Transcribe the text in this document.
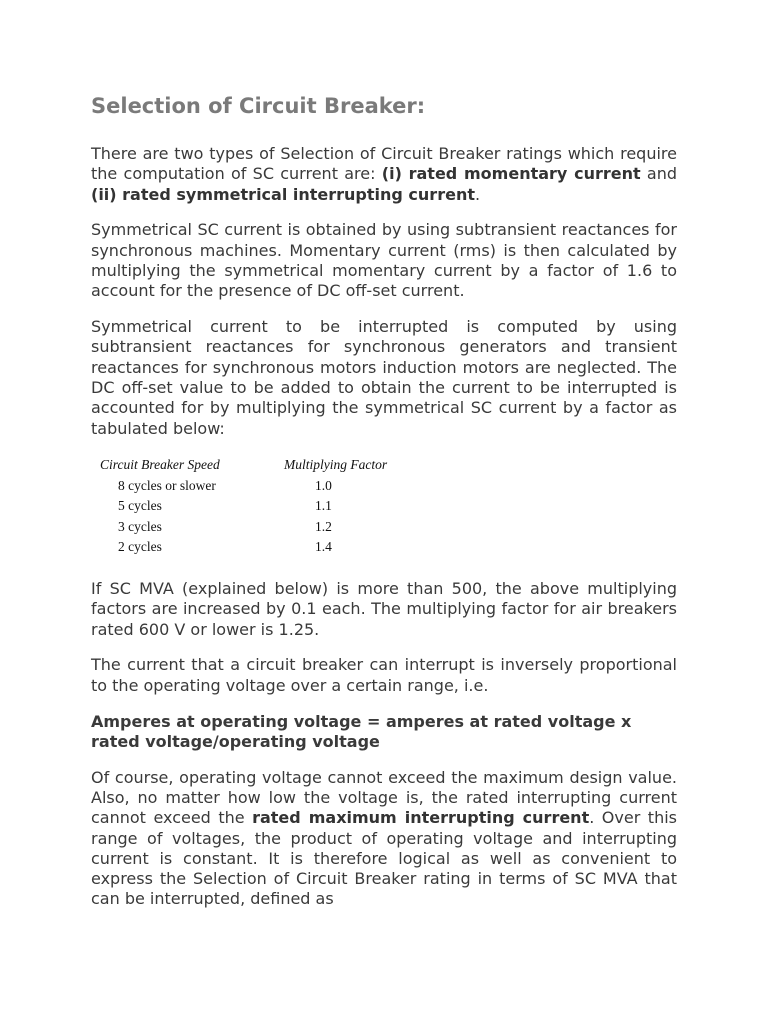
Selection of Circuit Breaker:

There are two types of Selection of Circuit Breaker ratings which require the computation of SC current are: (i) rated momentary current and (ii) rated symmetrical interrupting current.

Symmetrical SC current is obtained by using subtransient reactances for synchronous machines. Momentary current (rms) is then calculated by multiplying the symmetrical momentary current by a factor of 1.6 to account for the presence of DC off-set current.

Symmetrical current to be interrupted is computed by using subtransient reactances for synchronous generators and transient reactances for synchronous motors induction motors are neglected. The DC off-set value to be added to obtain the current to be interrupted is accounted for by multiplying the symmetrical SC current by a factor as tabulated below:

Circuit Breaker Speed	Multiplying Factor
8 cycles or slower	1.0
5 cycles	1.1
3 cycles	1.2
2 cycles	1.4

If SC MVA (explained below) is more than 500, the above multiplying factors are increased by 0.1 each. The multiplying factor for air breakers rated 600 V or lower is 1.25.

The current that a circuit breaker can interrupt is inversely proportional to the operating voltage over a certain range, i.e.

Amperes at operating voltage = amperes at rated voltage x rated voltage/operating voltage

Of course, operating voltage cannot exceed the maximum design value. Also, no matter how low the voltage is, the rated interrupting current cannot exceed the rated maximum interrupting current. Over this range of voltages, the product of operating voltage and interrupting current is constant. It is therefore logical as well as convenient to express the Selection of Circuit Breaker rating in terms of SC MVA that can be interrupted, defined as
